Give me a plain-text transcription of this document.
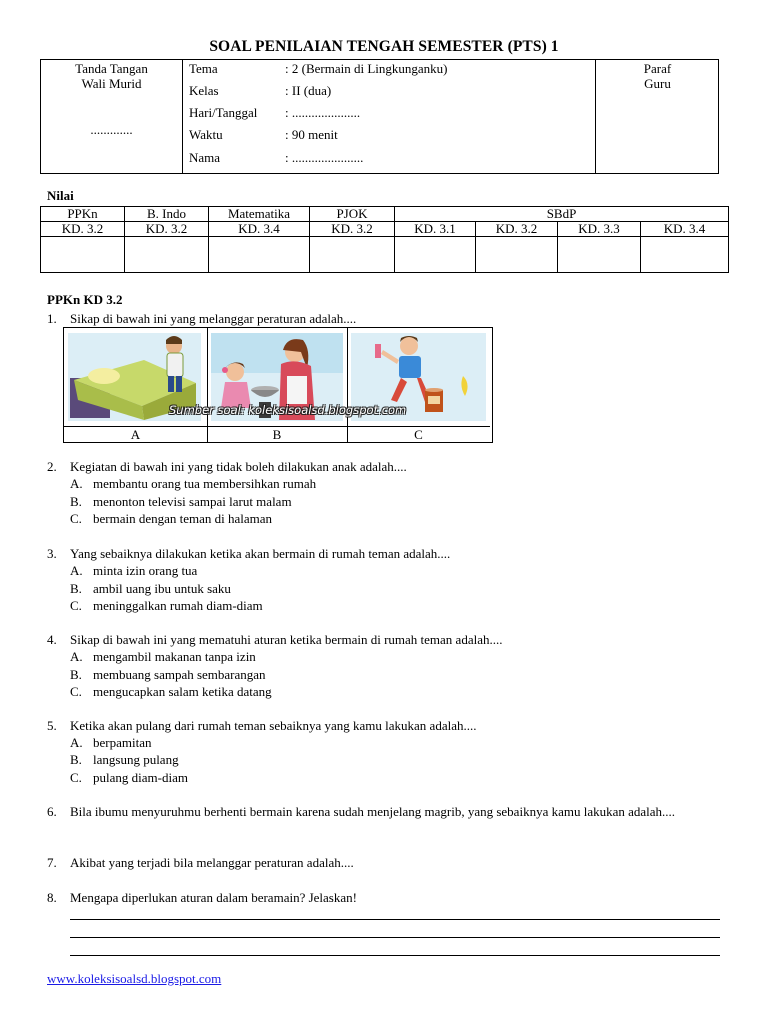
SOAL PENILAIAN TENGAH SEMESTER (PTS) 1
Tanda Tangan
Wali Murid
.............
Tema	: 2 (Bermain di Lingkunganku)
Kelas	: II (dua)
Hari/Tanggal	: .....................
Waktu	: 90 menit
Nama	: ......................
Paraf
Guru
Nilai
PPKn	B. Indo	Matematika	PJOK	SBdP			
KD. 3.2	KD. 3.2	KD. 3.4	KD. 3.2	KD. 3.1	KD. 3.2	KD. 3.3	KD. 3.4

PPKn KD 3.2
1. Sikap di bawah ini yang melanggar peraturan adalah....
Sumber soal: koleksisoalsd.blogspot.com
A	B	C
2. Kegiatan di bawah ini yang tidak boleh dilakukan anak adalah....
A. membantu orang tua membersihkan rumah
B. menonton televisi sampai larut malam
C. bermain dengan teman di halaman
3. Yang sebaiknya dilakukan ketika akan bermain di rumah teman adalah....
A. minta izin orang tua
B. ambil uang ibu untuk saku
C. meninggalkan rumah diam-diam
4. Sikap di bawah ini yang mematuhi aturan ketika bermain di rumah teman adalah....
A. mengambil makanan tanpa izin
B. membuang sampah sembarangan
C. mengucapkan salam ketika datang
5. Ketika akan pulang dari rumah teman sebaiknya yang kamu lakukan adalah....
A. berpamitan
B. langsung pulang
C. pulang diam-diam
6. Bila ibumu menyuruhmu berhenti bermain karena sudah menjelang magrib, yang sebaiknya kamu lakukan adalah....
7. Akibat yang terjadi bila melanggar peraturan adalah....
8. Mengapa diperlukan aturan dalam beramain? Jelaskan!
www.koleksisoalsd.blogspot.com
